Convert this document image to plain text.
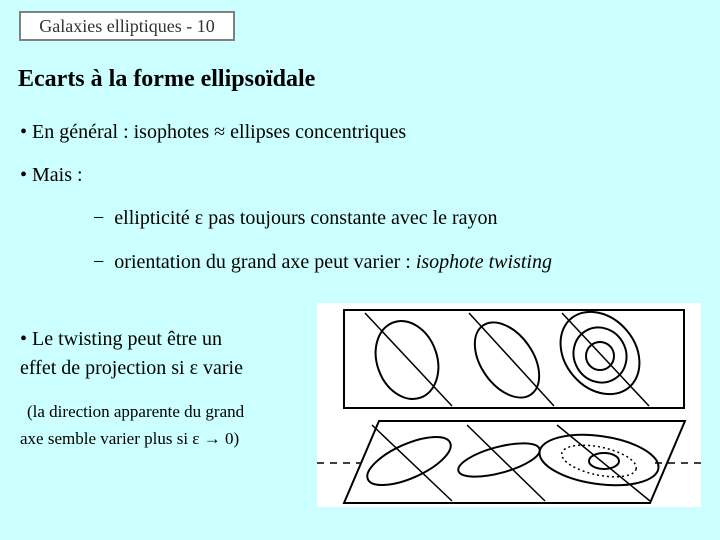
Galaxies elliptiques - 10
Ecarts à la forme ellipsoïdale
• En général : isophotes ≈ ellipses concentriques
• Mais :
− ellipticité ε pas toujours constante avec le rayon
− orientation du grand axe peut varier : isophote twisting
• Le twisting peut être un
effet de projection si ε varie
(la direction apparente du grand
axe semble varier plus si ε → 0)
